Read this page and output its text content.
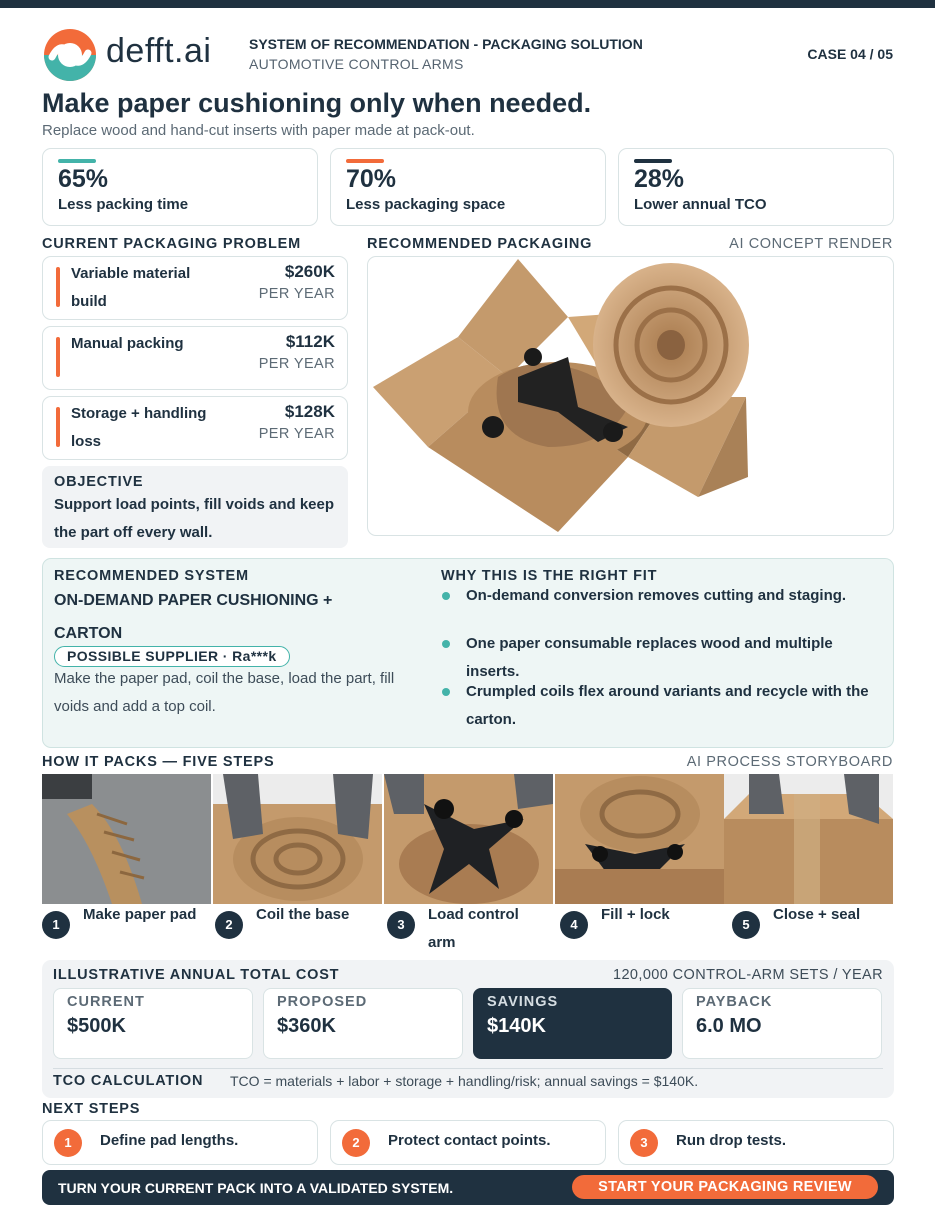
defft.ai	SYSTEM OF RECOMMENDATION - PACKAGING SOLUTION
AUTOMOTIVE CONTROL ARMS
CASE 04 / 05
Make paper cushioning only when needed.
Replace wood and hand-cut inserts with paper made at pack-out.
65%
Less packing time
70%
Less packaging space
28%
Lower annual TCO
CURRENT PACKAGING PROBLEM
Variable material build
$260K
PER YEAR
Manual packing	$112K
PER YEAR
Storage + handling loss
$128K
PER YEAR
OBJECTIVE
Support load points, fill voids and keep the part off every wall.
RECOMMENDED PACKAGING	AI CONCEPT RENDER
RECOMMENDED SYSTEM
ON-DEMAND PAPER CUSHIONING + CARTON
POSSIBLE SUPPLIER · Ra***k
Make the paper pad, coil the base, load the part, fill voids and add a top coil.
WHY THIS IS THE RIGHT FIT
On-demand conversion removes cutting and staging.
One paper consumable replaces wood and multiple inserts.
Crumpled coils flex around variants and recycle with the carton.
HOW IT PACKS — FIVE STEPS	AI PROCESS STORYBOARD
1
Make paper pad
2
Coil the base
3
Load control arm
4
Fill + lock
5
Close + seal
ILLUSTRATIVE ANNUAL TOTAL COST	120,000 CONTROL-ARM SETS / YEAR
CURRENT
$500K
PROPOSED
$360K
SAVINGS
$140K
PAYBACK
6.0 MO
TCO CALCULATION TCO = materials + labor + storage + handling/risk; annual savings = $140K.
NEXT STEPS
1	Define pad lengths.	2	Protect contact points.	3	Run drop tests.
TURN YOUR CURRENT PACK INTO A VALIDATED SYSTEM.	START YOUR PACKAGING REVIEW
